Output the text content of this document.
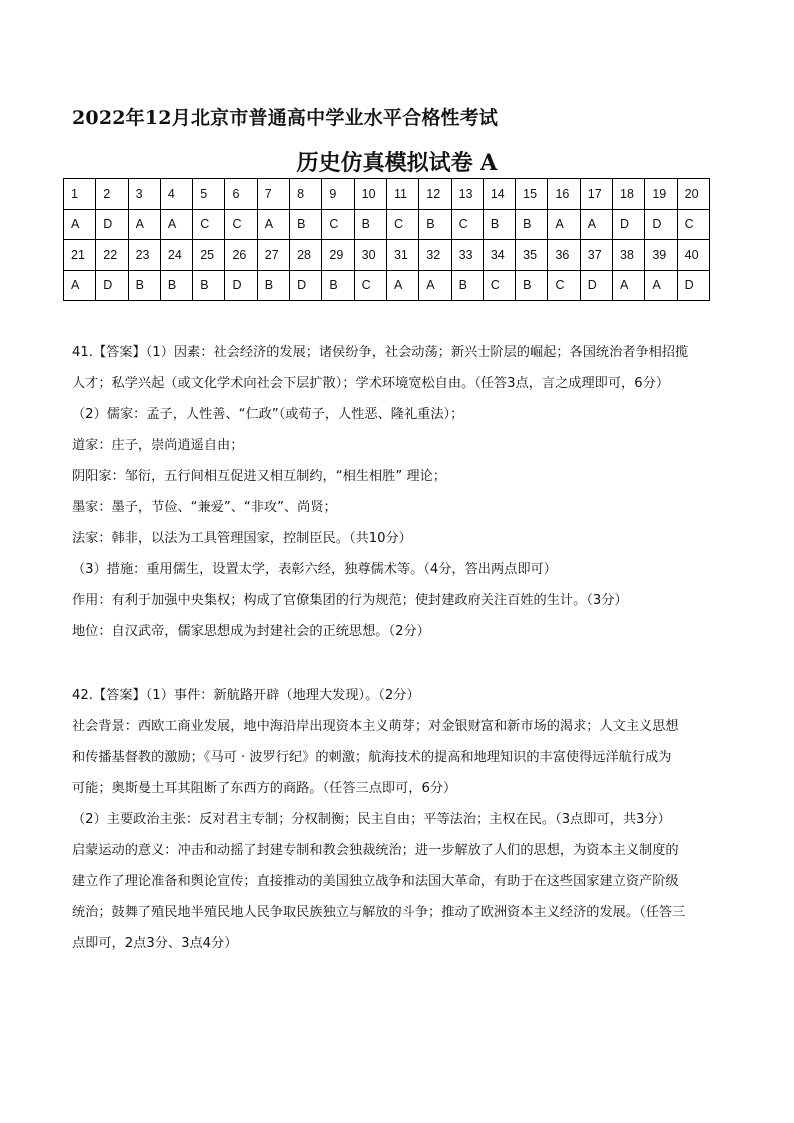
2022年12月北京市普通高中学业水平合格性考试
历史仿真模拟试卷 A
1	2	3	4	5	6	7	8	9	10	11	12	13	14	15	16	17	18	19	20
A	D	A	A	C	C	A	B	C	B	C	B	C	B	B	A	A	D	D	C
21	22	23	24	25	26	27	28	29	30	31	32	33	34	35	36	37	38	39	40
A	D	B	B	B	D	B	D	B	C	A	A	B	C	B	C	D	A	A	D

41.【答案】（1）因素：社会经济的发展；诸侯纷争，社会动荡；新兴士阶层的崛起；各国统治者争相招揽

人才；私学兴起（或文化学术向社会下层扩散）；学术环境宽松自由。（任答3点，言之成理即可，6分）

（2）儒家：孟子，人性善、“仁政”（或荀子，人性恶、隆礼重法）；

道家：庄子，崇尚逍遥自由；

阴阳家：邹衍，五行间相互促进又相互制约，“相生相胜” 理论；

墨家：墨子，节俭、“兼爱”、“非攻”、尚贤；

法家：韩非，以法为工具管理国家，控制臣民。（共10分）

（3）措施：重用儒生，设置太学，表彰六经，独尊儒术等。（4分，答出两点即可）

作用：有利于加强中央集权；构成了官僚集团的行为规范；使封建政府关注百姓的生计。（3分）

地位：自汉武帝，儒家思想成为封建社会的正统思想。（2分）

42.【答案】（1）事件：新航路开辟（地理大发现）。（2分）

社会背景：西欧工商业发展，地中海沿岸出现资本主义萌芽；对金银财富和新市场的渴求；人文主义思想

和传播基督教的激励；《马可 · 波罗行纪》的刺激；航海技术的提高和地理知识的丰富使得远洋航行成为

可能；奥斯曼土耳其阻断了东西方的商路。（任答三点即可，6分）

（2）主要政治主张：反对君主专制；分权制衡；民主自由；平等法治；主权在民。（3点即可，共3分）

启蒙运动的意义：冲击和动摇了封建专制和教会独裁统治；进一步解放了人们的思想，为资本主义制度的

建立作了理论准备和舆论宣传；直接推动的美国独立战争和法国大革命，有助于在这些国家建立资产阶级

统治；鼓舞了殖民地半殖民地人民争取民族独立与解放的斗争；推动了欧洲资本主义经济的发展。（任答三

点即可，2点3分、3点4分）
